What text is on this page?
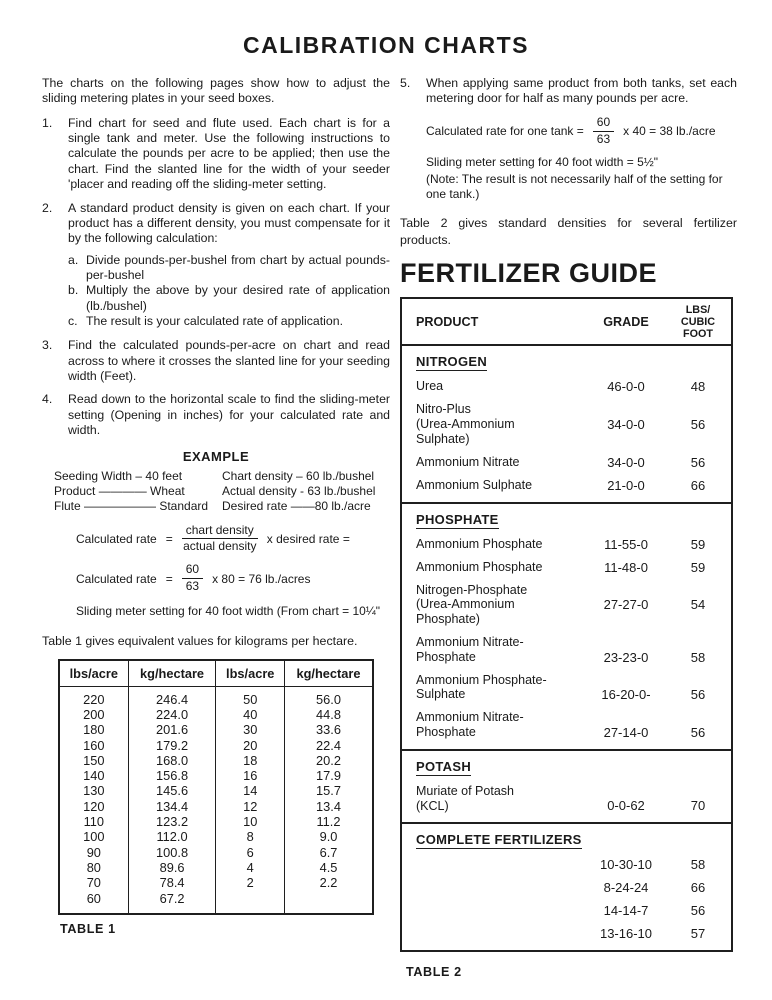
CALIBRATION CHARTS

The charts on the following pages show how to adjust the sliding metering plates in your seed boxes.

1.	Find chart for seed and flute used. Each chart is for a single tank and meter. Use the following instructions to calculate the pounds per acre to be applied; then use the chart. Find the slanted line for the width of your seeder 'placer and reading off the sliding-meter setting.
2.	A standard product density is given on each chart. If your product has a different density, you must compensate for it by the following calculation:
a. Divide pounds-per-bushel from chart by actual pounds-per-bushel
b. Multiply the above by your desired rate of application (lb./bushel)
c. The result is your calculated rate of application.
3.	Find the calculated pounds-per-acre on chart and read across to where it crosses the slanted line for your seeding width (Feet).
4.	Read down to the horizontal scale to find the sliding-meter setting (Opening in inches) for your calculated rate and width.
EXAMPLE
Seeding Width – 40 feet
Product ———— Wheat
Flute —————— Standard
Chart density – 60 lb./bushel
Actual density - 63 lb./bushel
Desired rate ——80 lb./acre
Calculated rate = $\frac{\text{chart density}}{\text{actual density}}$ x desired rate =
Calculated rate = $\frac{60}{63}$ x 80 = 76 lb./acres
Sliding meter setting for 40 foot width (From chart = 10¼"

Table 1 gives equivalent values for kilograms per hectare.

lbs/acre	kg/hectare	lbs/acre	kg/hectare
220	246.4	50	56.0
200	224.0	40	44.8
180	201.6	30	33.6
160	179.2	20	22.4
150	168.0	18	20.2
140	156.8	16	17.9
130	145.6	14	15.7
120	134.4	12	13.4
110	123.2	10	11.2
100	112.0	8	9.0
90	100.8	6	6.7
80	89.6	4	4.5
70	78.4	2	2.2
60	67.2		
TABLE 1
5.	When applying same product from both tanks, set each metering door for half as many pounds per acre.
Calculated rate for one $\tan k = \frac{60}{63}$ x 40 = 38 lb./acre
Sliding meter setting for 40 foot width = 5½"
(Note: The result is not necessarily half of the setting for one tank.)

Table 2 gives standard densities for several fertilizer products.

FERTILIZER GUIDE
PRODUCT	GRADE
LBS/
CUBIC
FOOT
NITROGEN
Urea	46-0-0	48
Nitro-Plus
(Urea-Ammonium
Sulphate)
34-0-0	56
Ammonium Nitrate	34-0-0	56
Ammonium Sulphate	21-0-0	66
PHOSPHATE
Ammonium Phosphate	11-55-0	59
Ammonium Phosphate	11-48-0	59
Nitrogen-Phosphate
(Urea-Ammonium
Phosphate)
27-27-0	54
Ammonium Nitrate-
Phosphate	23-23-0	58
Ammonium Phosphate-
Sulphate	16-20-0-	56
Ammonium Nitrate-
Phosphate	27-14-0	56
POTASH
Muriate of Potash
(KCL)	0-0-62	70
COMPLETE FERTILIZERS
10-30-10	58
8-24-24	66
14-14-7	56
13-16-10	57
TABLE 2
